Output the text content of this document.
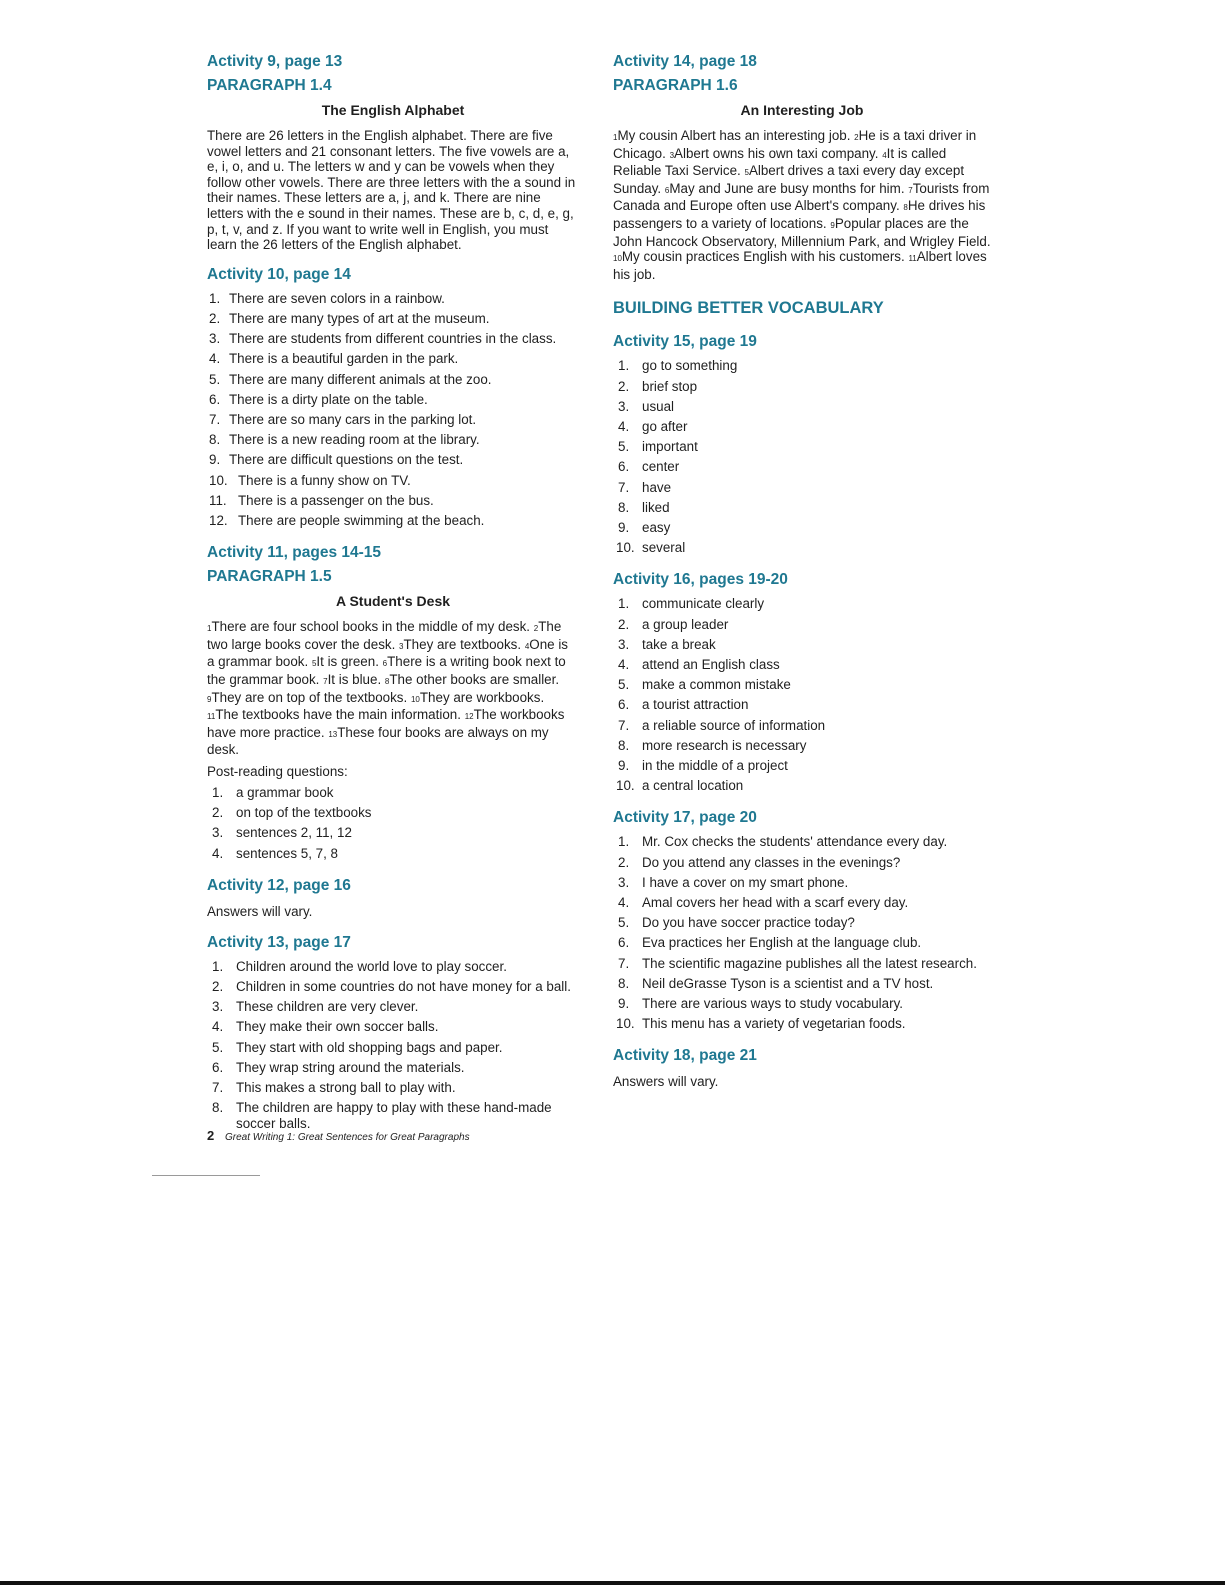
Activity 9, page 13
PARAGRAPH 1.4
The English Alphabet

There are 26 letters in the English alphabet. There are five vowel letters and 21 consonant letters. The five vowels are a, e, i, o, and u. The letters w and y can be vowels when they follow other vowels. There are three letters with the a sound in their names. These letters are a, j, and k. There are nine letters with the e sound in their names. These are b, c, d, e, g, p, t, v, and z. If you want to write well in English, you must learn the 26 letters of the English alphabet.

Activity 10, page 14
1. There are seven colors in a rainbow.
2. There are many types of art at the museum.
3. There are students from different countries in the class.
4. There is a beautiful garden in the park.
5. There are many different animals at the zoo.
6. There is a dirty plate on the table.
7. There are so many cars in the parking lot.
8. There is a new reading room at the library.
9. There are difficult questions on the test.
10. There is a funny show on TV.
11. There is a passenger on the bus.
12. There are people swimming at the beach.
Activity 11, pages 14-15
PARAGRAPH 1.5
A Student's Desk

1There are four school books in the middle of my desk. 2The two large books cover the desk. 3They are textbooks. 4One is a grammar book. 5It is green. 6There is a writing book next to the grammar book. 7It is blue. 8The other books are smaller. 9They are on top of the textbooks. 10They are workbooks. 11The textbooks have the main information. 12The workbooks have more practice. 13These four books are always on my desk.

Post-reading questions:

1. a grammar book
2. on top of the textbooks
3. sentences 2, 11, 12
4. sentences 5, 7, 8
Activity 12, page 16

Answers will vary.

Activity 13, page 17
1. Children around the world love to play soccer.
2. Children in some countries do not have money for a ball.
3. These children are very clever.
4. They make their own soccer balls.
5. They start with old shopping bags and paper.
6. They wrap string around the materials.
7. This makes a strong ball to play with.
8. The children are happy to play with these hand-made soccer balls.
Activity 14, page 18
PARAGRAPH 1.6
An Interesting Job

1My cousin Albert has an interesting job. 2He is a taxi driver in Chicago. 3Albert owns his own taxi company. 4It is called Reliable Taxi Service. 5Albert drives a taxi every day except Sunday. 6May and June are busy months for him. 7Tourists from Canada and Europe often use Albert's company. 8He drives his passengers to a variety of locations. 9Popular places are the John Hancock Observatory, Millennium Park, and Wrigley Field. 10My cousin practices English with his customers. 11Albert loves his job.

BUILDING BETTER VOCABULARY
Activity 15, page 19
1. go to something
2. brief stop
3. usual
4. go after
5. important
6. center
7. have
8. liked
9. easy
10. several
Activity 16, pages 19-20
1. communicate clearly
2. a group leader
3. take a break
4. attend an English class
5. make a common mistake
6. a tourist attraction
7. a reliable source of information
8. more research is necessary
9. in the middle of a project
10. a central location
Activity 17, page 20
1. Mr. Cox checks the students' attendance every day.
2. Do you attend any classes in the evenings?
3. I have a cover on my smart phone.
4. Amal covers her head with a scarf every day.
5. Do you have soccer practice today?
6. Eva practices her English at the language club.
7. The scientific magazine publishes all the latest research.
8. Neil deGrasse Tyson is a scientist and a TV host.
9. There are various ways to study vocabulary.
10. This menu has a variety of vegetarian foods.
Activity 18, page 21

Answers will vary.

2 Great Writing 1: Great Sentences for Great Paragraphs
